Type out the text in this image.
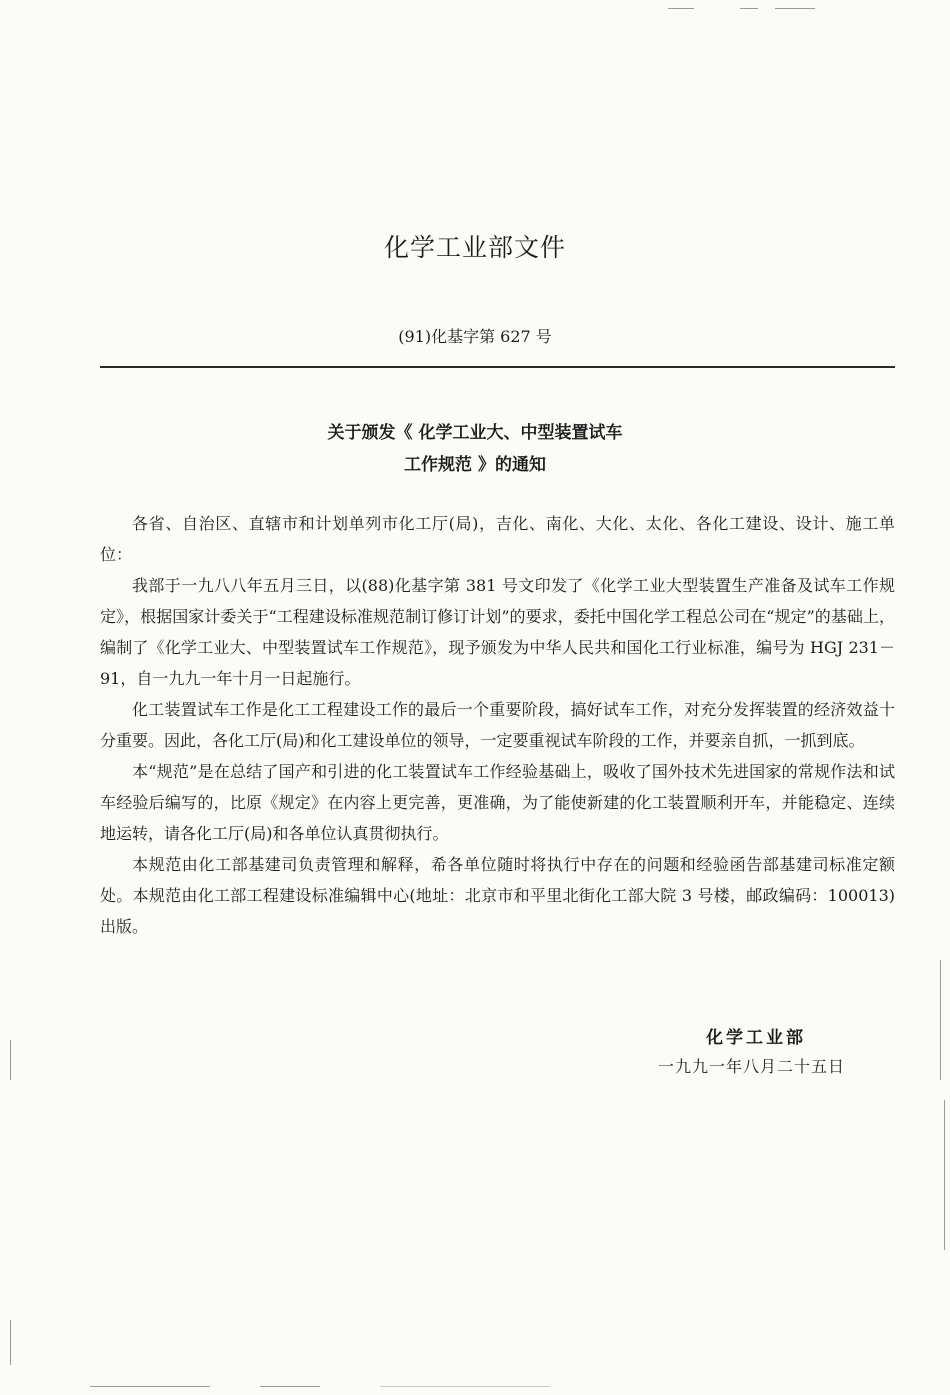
化学工业部文件
(91)化基字第 627 号
关于颁发《 化学工业大、中型装置试车
工作规范 》的通知

各省、自治区、直辖市和计划单列市化工厅(局)，吉化、南化、大化、太化、各化工建设、设计、施工单位：

我部于一九八八年五月三日，以(88)化基字第 381 号文印发了《化学工业大型装置生产准备及试车工作规定》，根据国家计委关于“工程建设标准规范制订修订计划”的要求，委托中国化学工程总公司在“规定”的基础上，编制了《化学工业大、中型装置试车工作规范》，现予颁发为中华人民共和国化工行业标准，编号为 HGJ 231－91，自一九九一年十月一日起施行。

化工装置试车工作是化工工程建设工作的最后一个重要阶段，搞好试车工作，对充分发挥装置的经济效益十分重要。因此，各化工厅(局)和化工建设单位的领导，一定要重视试车阶段的工作，并要亲自抓，一抓到底。

本“规范”是在总结了国产和引进的化工装置试车工作经验基础上，吸收了国外技术先进国家的常规作法和试车经验后编写的，比原《规定》在内容上更完善，更准确，为了能使新建的化工装置顺利开车，并能稳定、连续地运转，请各化工厅(局)和各单位认真贯彻执行。

本规范由化工部基建司负责管理和解释，希各单位随时将执行中存在的问题和经验函告部基建司标准定额处。本规范由化工部工程建设标准编辑中心(地址：北京市和平里北街化工部大院 3 号楼，邮政编码：100013)出版。

化学工业部
一九九一年八月二十五日
